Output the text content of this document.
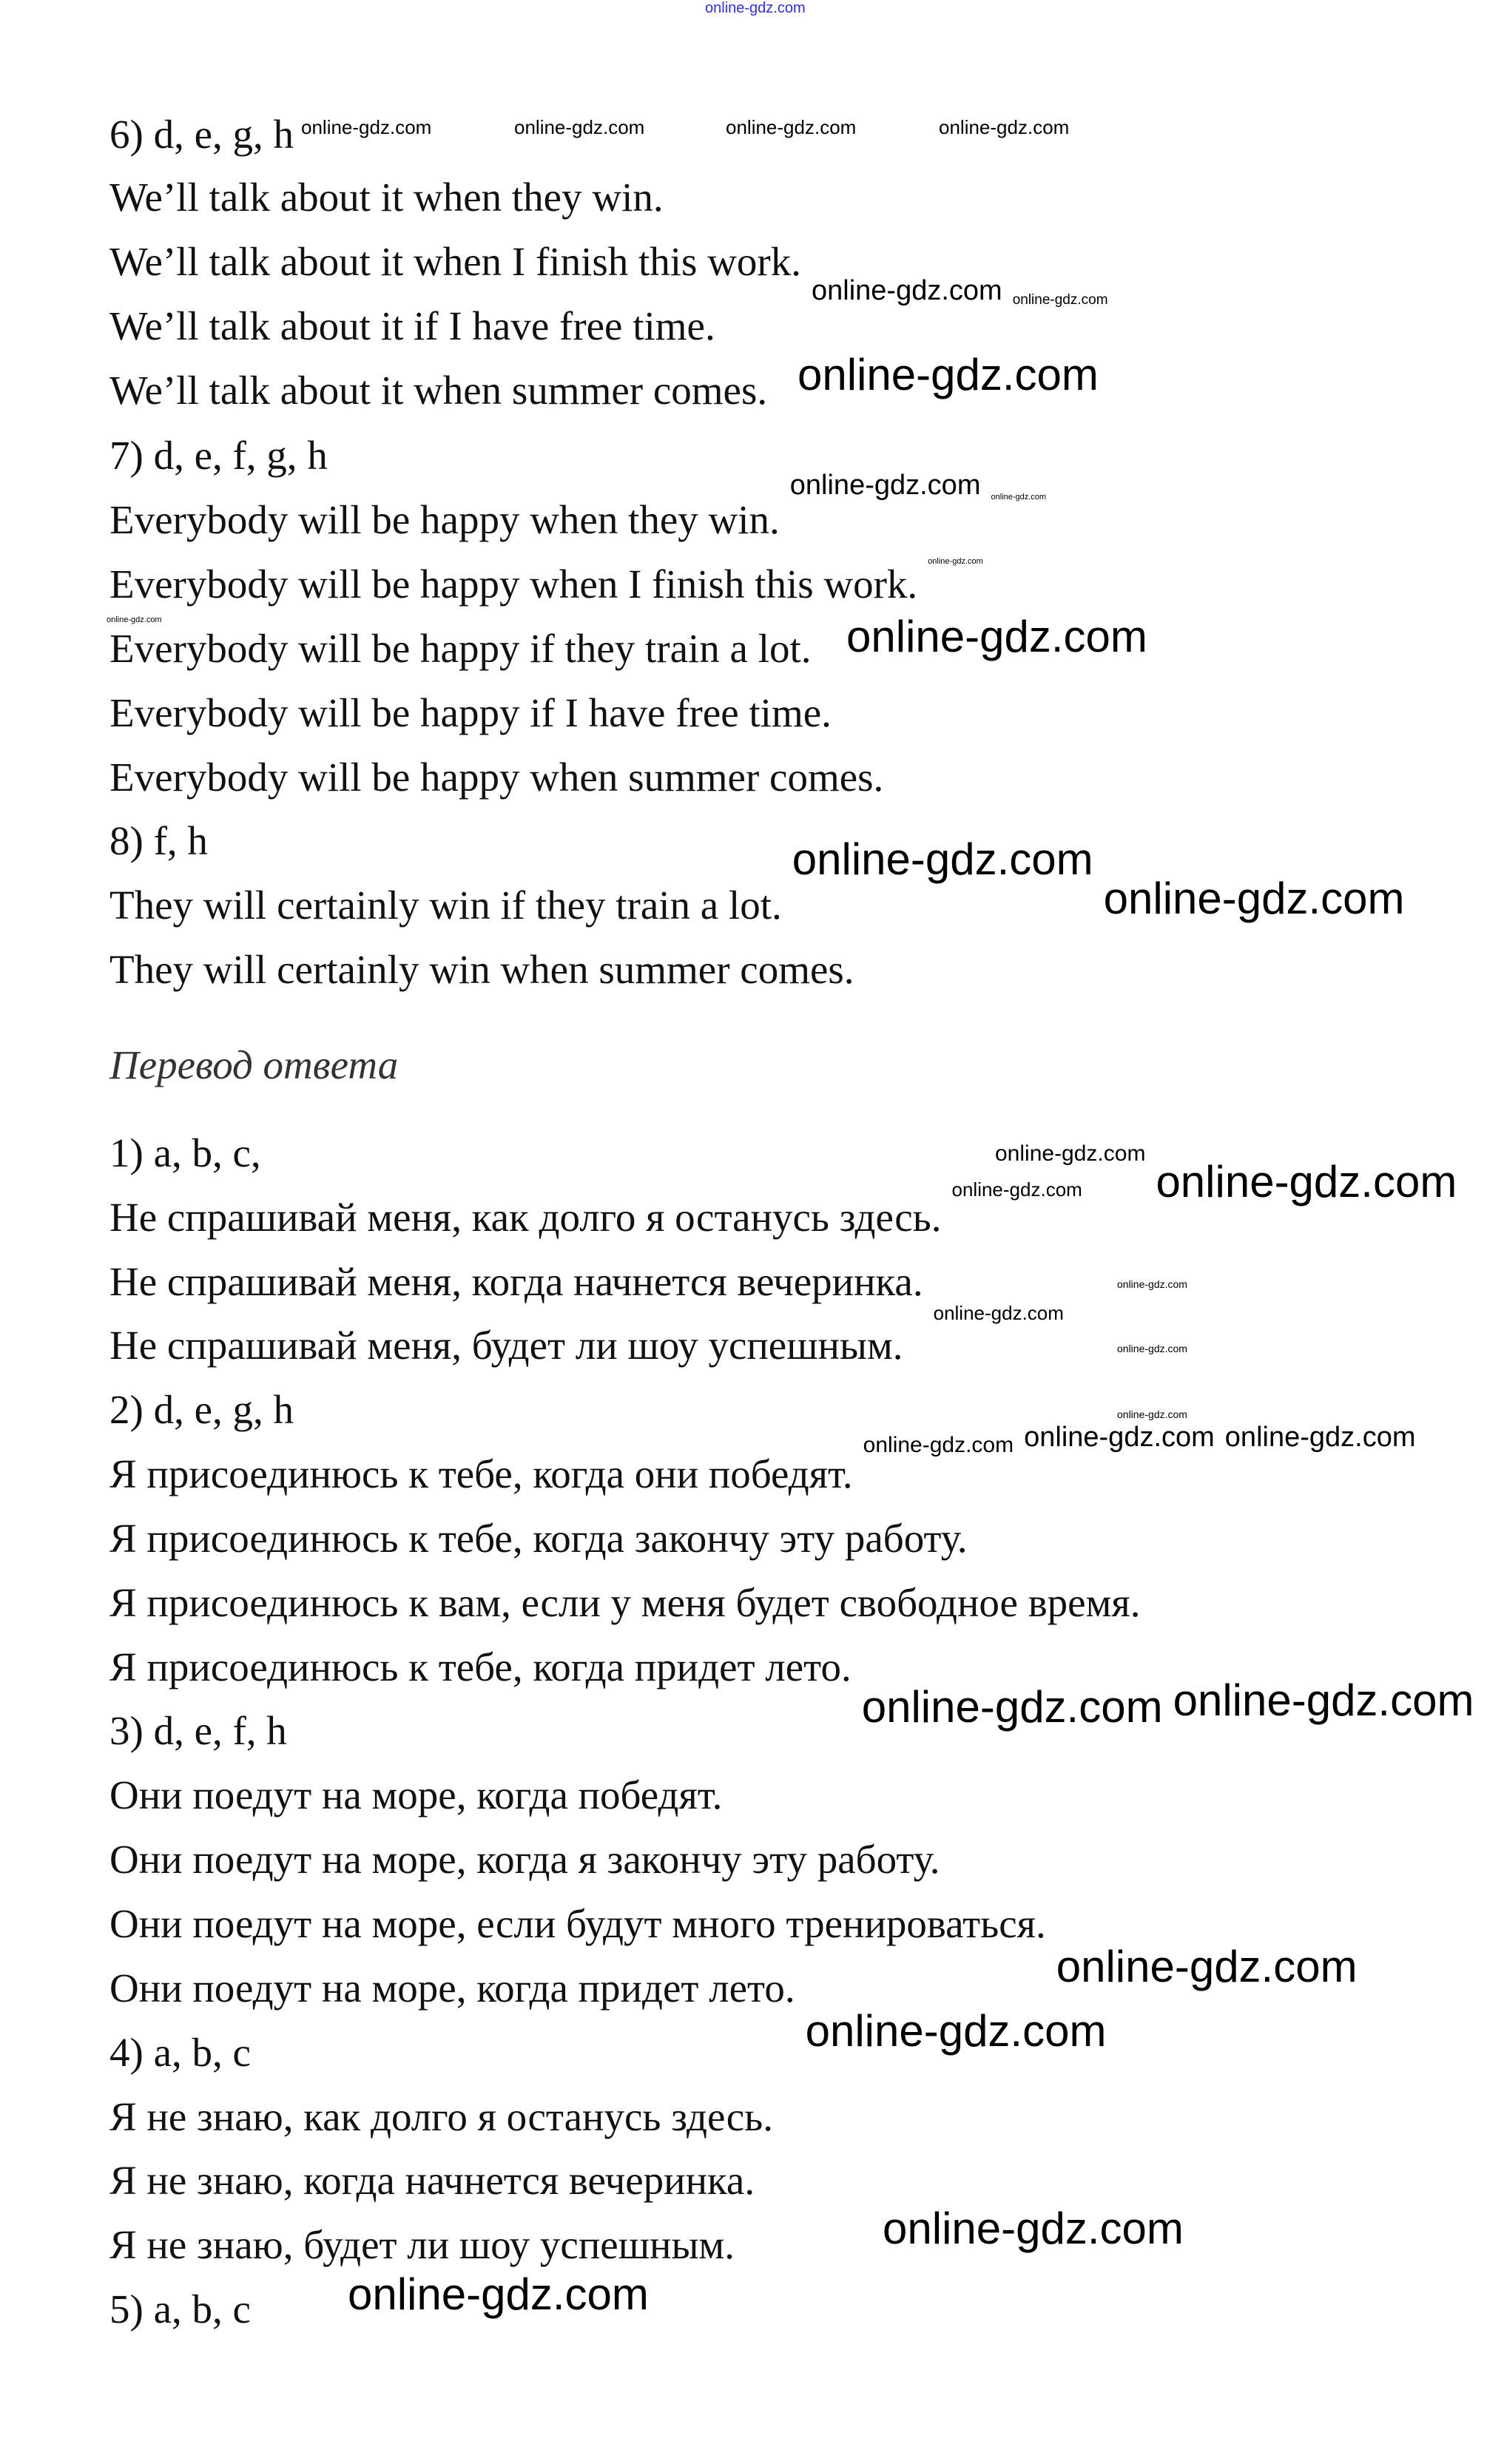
6) d, e, g, h
We’ll talk about it when they win.
We’ll talk about it when I finish this work.
We’ll talk about it if I have free time.
We’ll talk about it when summer comes.
7) d, e, f, g, h
Everybody will be happy when they win.
Everybody will be happy when I finish this work.
Everybody will be happy if they train a lot.
Everybody will be happy if I have free time.
Everybody will be happy when summer comes.
8) f, h
They will certainly win if they train a lot.
They will certainly win when summer comes.
Перевод ответа
1) a, b, c,
Не спрашивай меня, как долго я останусь здесь.
Не спрашивай меня, когда начнется вечеринка.
Не спрашивай меня, будет ли шоу успешным.
2) d, e, g, h
Я присоединюсь к тебе, когда они победят.
Я присоединюсь к тебе, когда закончу эту работу.
Я присоединюсь к вам, если у меня будет свободное время.
Я присоединюсь к тебе, когда придет лето.
3) d, e, f, h
Они поедут на море, когда победят.
Они поедут на море, когда я закончу эту работу.
Они поедут на море, если будут много тренироваться.
Они поедут на море, когда придет лето.
4) a, b, c
Я не знаю, как долго я останусь здесь.
Я не знаю, когда начнется вечеринка.
Я не знаю, будет ли шоу успешным.
5) a, b, c
online-gdz.com
online-gdz.com	online-gdz.com	online-gdz.com	online-gdz.com
online-gdz.com online-gdz.com
online-gdz.com
online-gdz.com online-gdz.com
online-gdz.com
online-gdz.com	online-gdz.com
online-gdz.com
online-gdz.com
online-gdz.com
online-gdz.com online-gdz.com
online-gdz.com
online-gdz.com
online-gdz.com
online-gdz.com
online-gdz.com online-gdz.com online-gdz.com
online-gdz.com online-gdz.com
online-gdz.com
online-gdz.com
online-gdz.com
online-gdz.com
